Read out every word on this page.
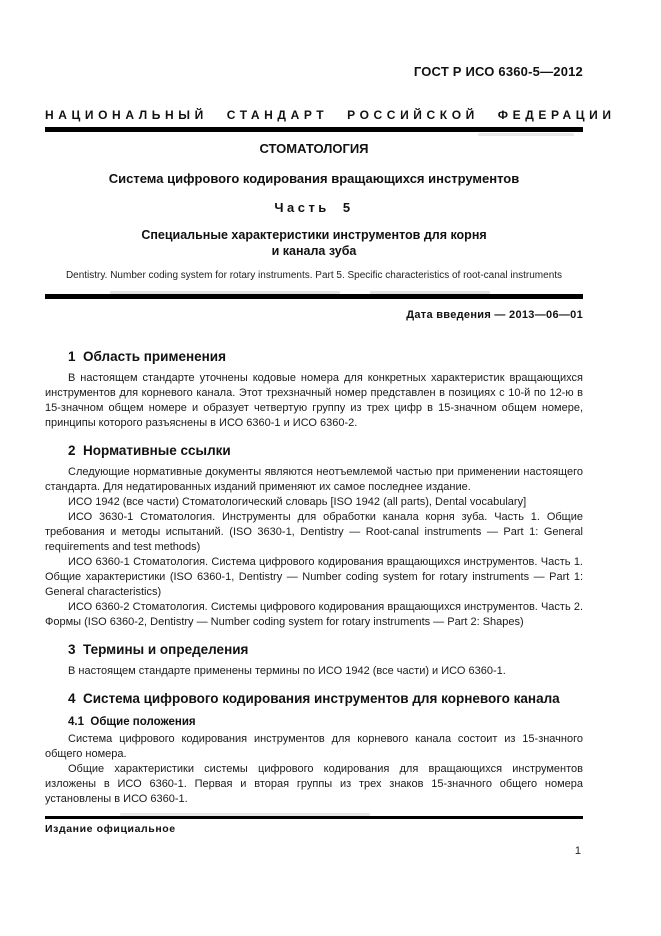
ГОСТ Р ИСО 6360-5—2012
НАЦИОНАЛЬНЫЙ СТАНДАРТ РОССИЙСКОЙ ФЕДЕРАЦИИ
СТОМАТОЛОГИЯ
Система цифрового кодирования вращающихся инструментов
Часть 5
Специальные характеристики инструментов для корня
и канала зуба
Dentistry. Number coding system for rotary instruments. Part 5. Specific characteristics of root-canal instruments
Дата введения — 2013—06—01
1  Область применения

В настоящем стандарте уточнены кодовые номера для конкретных характеристик вращающихся инструментов для корневого канала. Этот трехзначный номер представлен в позициях с 10-й по 12-ю в 15-значном общем номере и образует четвертую группу из трех цифр в 15-значном общем номере, принципы которого разъяснены в ИСО 6360-1 и ИСО 6360-2.

2  Нормативные ссылки

Следующие нормативные документы являются неотъемлемой частью при применении настоящего стандарта. Для недатированных изданий применяют их самое последнее издание.

ИСО 1942 (все части) Стоматологический словарь [ISO 1942 (all parts), Dental vocabulary]

ИСО 3630-1 Стоматология. Инструменты для обработки канала корня зуба. Часть 1. Общие требования и методы испытаний. (ISO 3630-1, Dentistry — Root-canal instruments — Part 1: General requirements and test methods)

ИСО 6360-1 Стоматология. Система цифрового кодирования вращающихся инструментов. Часть 1. Общие характеристики (ISO 6360-1, Dentistry — Number coding system for rotary instruments — Part 1: General characteristics)

ИСО 6360-2 Стоматология. Системы цифрового кодирования вращающихся инструментов. Часть 2. Формы (ISO 6360-2, Dentistry — Number coding system for rotary instruments — Part 2: Shapes)

3  Термины и определения

В настоящем стандарте применены термины по ИСО 1942 (все части) и ИСО 6360-1.

4  Система цифрового кодирования инструментов для корневого канала
4.1  Общие положения

Система цифрового кодирования инструментов для корневого канала состоит из 15-значного общего номера.

Общие характеристики системы цифрового кодирования для вращающихся инструментов изложены в ИСО 6360-1. Первая и вторая группы из трех знаков 15-значного общего номера установлены в ИСО 6360-1.

Издание официальное
1
